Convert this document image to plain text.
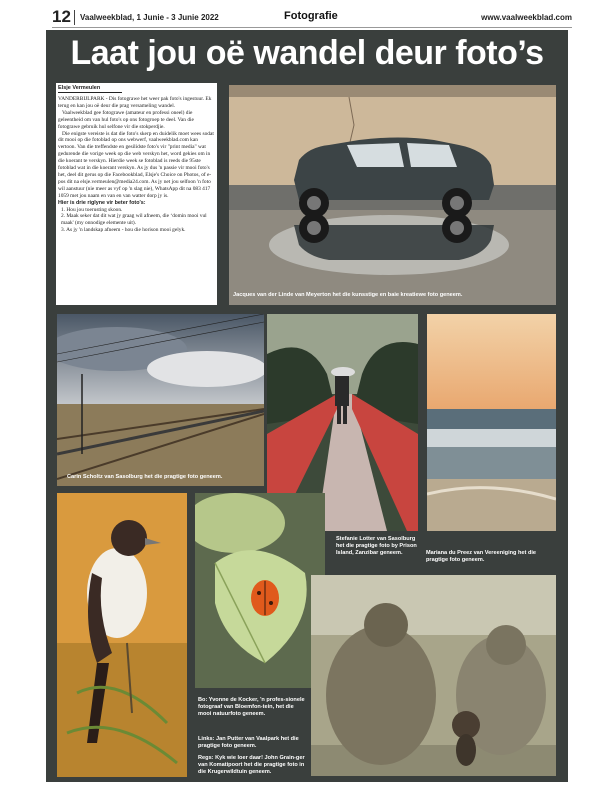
12 Vaalweekblad, 1 Junie - 3 Junie 2022	Fotografie	www.vaalweekblad.com
Laat jou oë wandel deur foto’s
Elsje Vermeulen

VANDERBIJLPARK - Dis fotograwe het weer pak foto's ingestuur. Ek terug en kan jou oë deur die prag versameling wandel.

Vaalweekblad gee fotograwe (amateur en professi oneel) die geleentheid om van hul foto's op ons fotogroep te deel. Van die fotograwe gebruik hul selfone vir die stokperdjie.

Die enigste vereiste is dat die foto's skerp en duidelik moet wees sodat dit mooi op die fotoblad op ons webwerf, vaalweekblad.com kan vertoon. Van die treffendste en gesilidste foto's vir "print media" wat gedurende die vorige week op die web verskyn het, word gekies om in die koerant te verskyn. Hierdie week se fotoblad is reeds die 95ste fotoblad wat in die koerant verskyn. As jy dus 'n passie vir mooi foto's het, deel dit gerus op die Facebookblad, Elsje's Choice on Photos, of e-pos dit na elsje.vermeulen@media24.com. As jy net jou selfoon 'n foto wil aanstuur (nie meer as vyf op 'n slag nie), WhatsApp dit na 083 417 1059 met jou naam en van en van watter dorp jy is.

Hier is drie riglyne vir beter foto's:

1. Hou jou toerusting skoon.

2. Maak seker dat dit wat jy graag wil afneem, die ‘domin mooi vul maak' (my onnodige elemente uit).

3. As jy 'n landskap afneem - hou die horison mooi gelyk.

Jacques van der Linde van Meyerton het die kunsstige en baie kreatiewe foto geneem.
Carin Scholtz van Sasolburg het die pragtige foto geneem.
Stefanie Lotter van Sasolburg het die pragtige foto by Prison Island, Zanzibar geneem.	Mariana du Preez van Vereeniging het die pragtige foto geneem.
Bo: Yvonne de Kocker, 'n profes-sionele fotograaf van Bloemfon-tein, het die mooi natuurfoto geneem.
Links: Jan Putter van Vaalpark het die pragtige foto geneem.
Regs: Kyk wie loer daar! John Grain-ger van Komatipoort het die pragtige foto in die Krugerwildtuin geneem.
